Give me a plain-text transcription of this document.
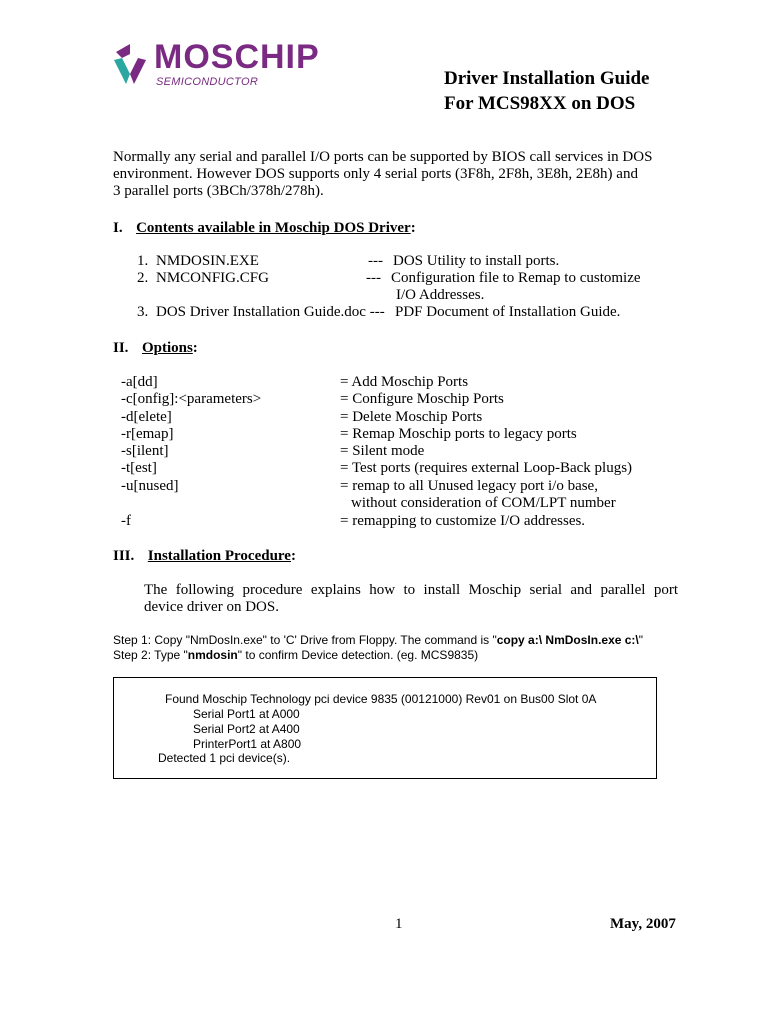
MOSCHIP
SEMICONDUCTOR	Driver Installation Guide
For MCS98XX on DOS
Normally any serial and parallel I/O ports can be supported by BIOS call services in DOS
environment. However DOS supports only 4 serial ports (3F8h, 2F8h, 3E8h, 2E8h) and
3 parallel ports (3BCh/378h/278h).
I. Contents available in Moschip DOS Driver:
1. NMDOSIN.EXE	--- DOS Utility to install ports.
2. NMCONFIG.CFG	--- Configuration file to Remap to customize
I/O Addresses.
3. DOS Driver Installation Guide.doc --- PDF Document of Installation Guide.
II. Options:
-a[dd]	= Add Moschip Ports
-c[onfig]:<parameters>	= Configure Moschip Ports
-d[elete]	= Delete Moschip Ports
-r[emap]	= Remap Moschip ports to legacy ports
-s[ilent]	= Silent mode
-t[est]	= Test ports (requires external Loop-Back plugs)
-u[nused]	= remap to all Unused legacy port i/o base,
without consideration of COM/LPT number
-f	= remapping to customize I/O addresses.
III. Installation Procedure:
The following procedure explains how to install Moschip serial and parallel port
device driver on DOS.
Step 1: Copy "NmDosIn.exe" to 'C' Drive from Floppy. The command is "copy a:\ NmDosIn.exe c:\"
Step 2: Type "nmdosin" to confirm Device detection. (eg. MCS9835)
Found Moschip Technology pci device 9835 (00121000) Rev01 on Bus00 Slot 0A
Serial Port1 at A000
Serial Port2 at A400
PrinterPort1 at A800
Detected 1 pci device(s).
1	May, 2007
